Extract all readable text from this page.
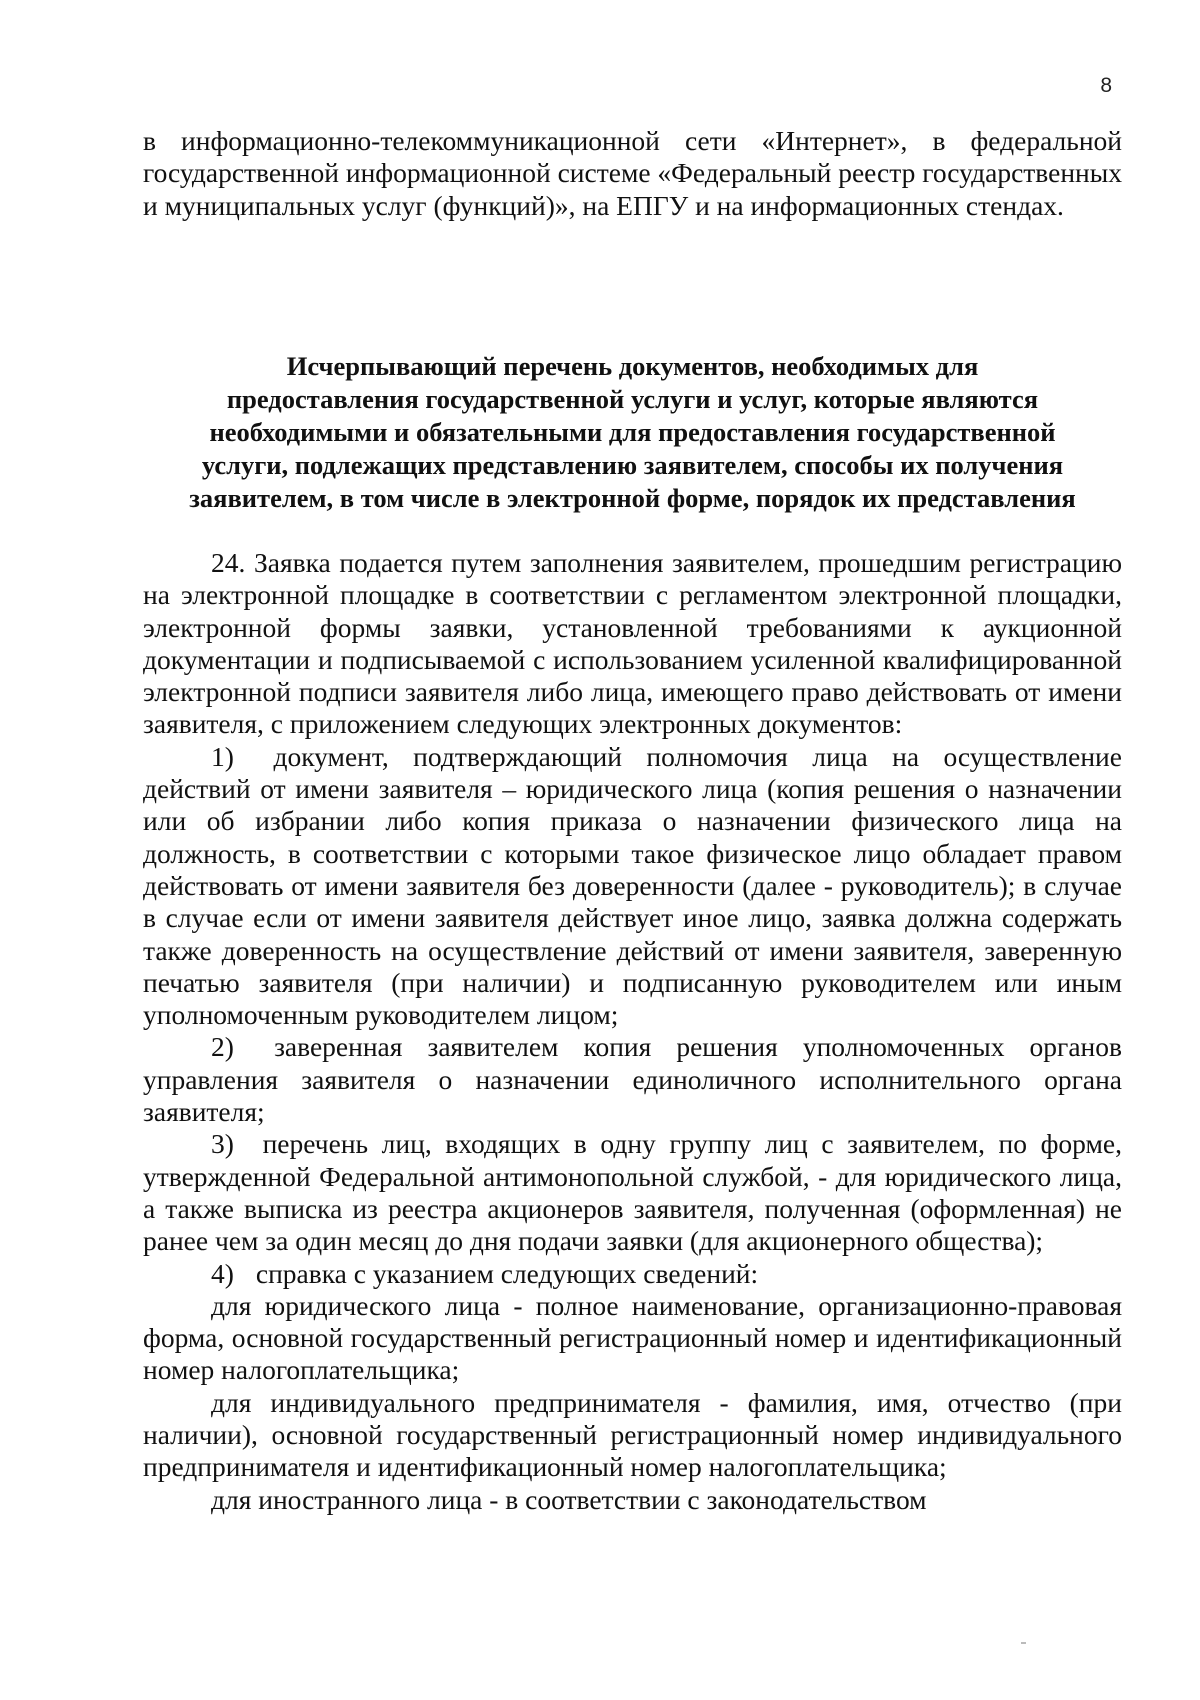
8

в информационно-телекоммуникационной сети «Интернет», в федеральной государственной информационной системе «Федеральный реестр государственных и муниципальных услуг (функций)», на ЕПГУ и на информационных стендах.

Исчерпывающий перечень документов, необходимых для
предоставления государственной услуги и услуг, которые являются
необходимыми и обязательными для предоставления государственной
услуги, подлежащих представлению заявителем, способы их получения
заявителем, в том числе в электронной форме, порядок их представления

24. Заявка подается путем заполнения заявителем, прошедшим регистрацию на электронной площадке в соответствии с регламентом электронной площадки, электронной формы заявки, установленной требованиями к аукционной документации и подписываемой с использованием усиленной квалифицированной электронной подписи заявителя либо лица, имеющего право действовать от имени заявителя, с приложением следующих электронных документов:

1) документ, подтверждающий полномочия лица на осуществление действий от имени заявителя – юридического лица (копия решения о назначении или об избрании либо копия приказа о назначении физического лица на должность, в соответствии с которыми такое физическое лицо обладает правом действовать от имени заявителя без доверенности (далее - руководитель); в случае в случае если от имени заявителя действует иное лицо, заявка должна содержать также доверенность на осуществление действий от имени заявителя, заверенную печатью заявителя (при наличии) и подписанную руководителем или иным уполномоченным руководителем лицом;

2) заверенная заявителем копия решения уполномоченных органов управления заявителя о назначении единоличного исполнительного органа заявителя;

3) перечень лиц, входящих в одну группу лиц с заявителем, по форме, утвержденной Федеральной антимонопольной службой, - для юридического лица, а также выписка из реестра акционеров заявителя, полученная (оформленная) не ранее чем за один месяц до дня подачи заявки (для акционерного общества);

4) справка с указанием следующих сведений:

для юридического лица - полное наименование, организационно-правовая форма, основной государственный регистрационный номер и идентификационный номер налогоплательщика;

для индивидуального предпринимателя - фамилия, имя, отчество (при наличии), основной государственный регистрационный номер индивидуального предпринимателя и идентификационный номер налогоплательщика;

для иностранного лица - в соответствии с законодательством
